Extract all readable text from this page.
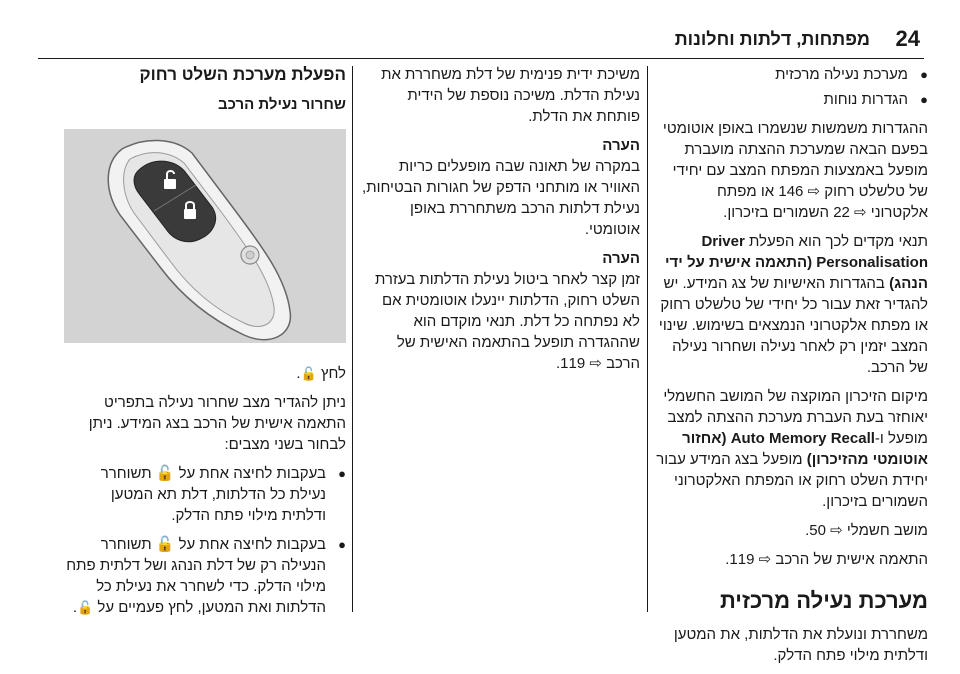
24
מפתחות, דלתות וחלונות
● מערכת נעילה מרכזית
● הגדרות נוחות

ההגדרות משמשות שנשמרו באופן אוטומטי בפעם הבאה שמערכת ההצתה מועברת מופעל באמצעות המפתח המצב עם יחידי של טלשלט רחוק ⇨ 146 או מפתח אלקטרוני ⇨ 22 השמורים בזיכרון.

תנאי מקדים לכך הוא הפעלת Driver Personalisation (התאמה אישית על ידי הנהג) בהגדרות האישיות של צג המידע. יש להגדיר זאת עבור כל יחידי של טלשלט רחוק או מפתח אלקטרוני הנמצאים בשימוש. שינוי המצב יזמין רק לאחר נעילה ושחרור נעילה של הרכב.

מיקום הזיכרון המוקצה של המושב החשמלי יאוחזר בעת העברת מערכת ההצתה למצב מופעל ו-Auto Memory Recall (אחזור אוטומטי מהזיכרון) מופעל בצג המידע עבור יחידת השלט רחוק או המפתח האלקטרוני השמורים בזיכרון.

מושב חשמלי ⇨ 50.

התאמה אישית של הרכב ⇨ 119.

מערכת נעילה מרכזית

משחררת ונועלת את הדלתות, את המטען ודלתית מילוי פתח הדלק.

משיכת ידית פנימית של דלת משחררת את נעילת הדלת. משיכה נוספת של הידית פותחת את הדלת.

הערה

במקרה של תאונה שבה מופעלים כריות האוויר או מותחני הדפק של חגורות הבטיחות, נעילת דלתות הרכב משתחררת באופן אוטומטי.

הערה

זמן קצר לאחר ביטול נעילת הדלתות בעזרת השלט רחוק, הדלתות יינעלו אוטומטית אם לא נפתחה כל דלת. תנאי מוקדם הוא שההגדרה תופעל בהתאמה האישית של הרכב ⇨ 119.

הפעלת מערכת השלט רחוק
שחרור נעילת הרכב

לחץ 🔓.

ניתן להגדיר מצב שחרור נעילה בתפריט התאמה אישית של הרכב בצג המידע. ניתן לבחור בשני מצבים:

● בעקבות לחיצה אחת על 🔓 תשוחרר נעילת כל הדלתות, דלת תא המטען ודלתית מילוי פתח הדלק.
● בעקבות לחיצה אחת על 🔓 תשוחרר הנעילה רק של דלת הנהג ושל דלתית פתח מילוי הדלק. כדי לשחרר את נעילת כל הדלתות ואת המטען, לחץ פעמיים על 🔓.
